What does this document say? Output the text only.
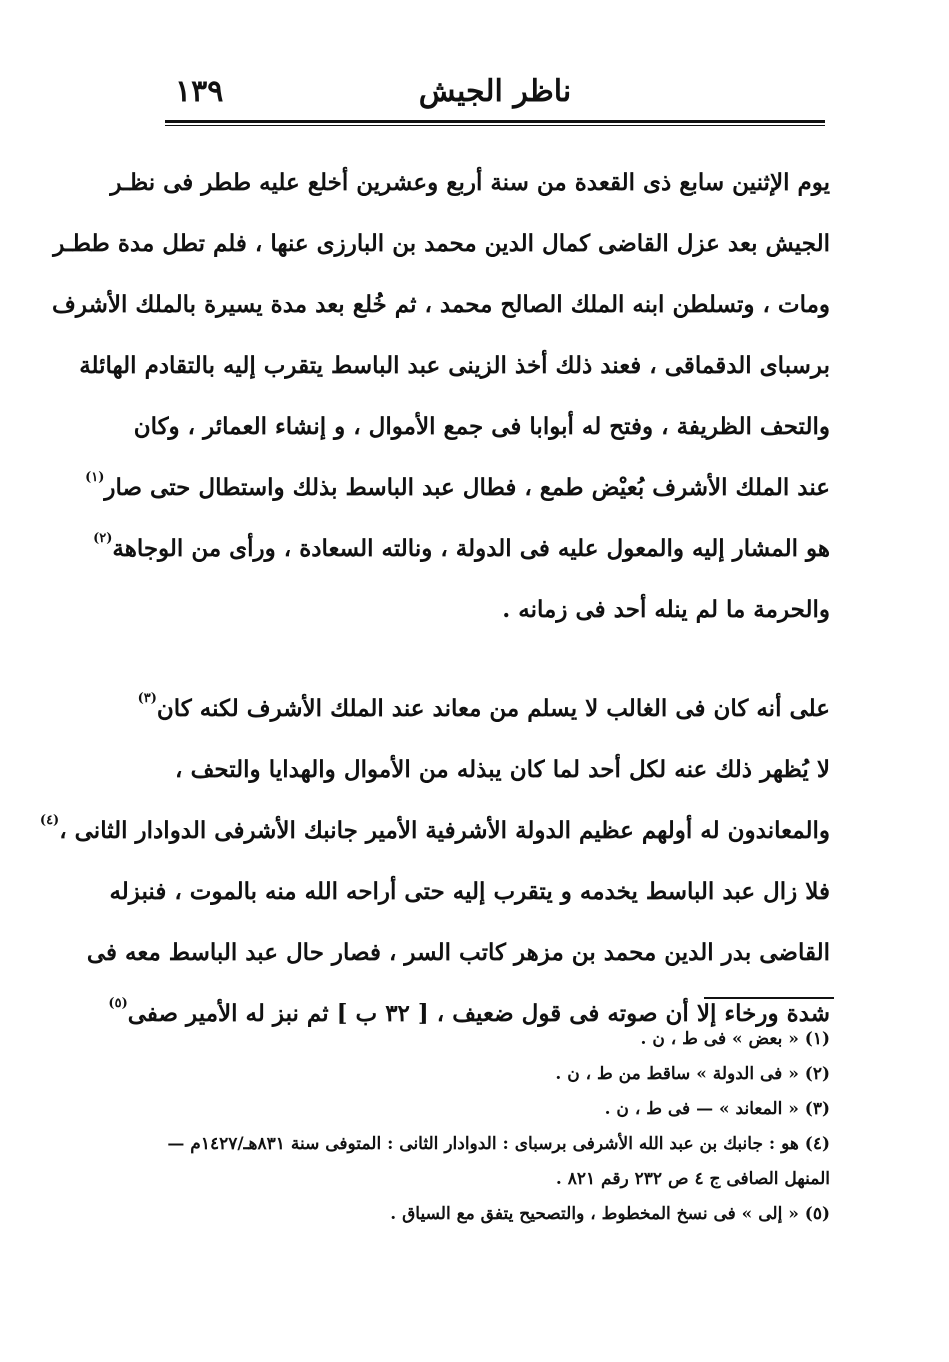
١٣٩	ناظر الجيش
يوم الإثنين سابع ذى القعدة من سنة أربع وعشرين أخلع عليه ططر فى نظـر
الجيش بعد عزل القاضى كمال الدين محمد بن البارزى عنها ، فلم تطل مدة ططـر
ومات ، وتسلطن ابنه الملك الصالح محمد ، ثم خُلع بعد مدة يسيرة بالملك الأشرف
برسباى الدقماقى ، فعند ذلك أخذ الزينى عبد الباسط يتقرب إليه بالتقادم الهائلة
والتحف الظريفة ، وفتح له أبوابا فى جمع الأموال ، و إنشاء العمائر ، وكان
عند الملك الأشرف بُعيْض طمع ، فطال عبد الباسط بذلك واستطال حتى صار$^{(١)}$
هو المشار إليه والمعول عليه فى الدولة ، ونالته السعادة ، ورأى من الوجاهة$^{(٢)}$
والحرمة ما لم ينله أحد فى زمانه .
على أنه كان فى الغالب لا يسلم من معاند عند الملك الأشرف لكنه كان$^{(٣)}$
لا يُظهر ذلك عنه لكل أحد لما كان يبذله من الأموال والهدايا والتحف ،
والمعاندون له أولهم عظيم الدولة الأشرفية الأمير جانبك الأشرفى الدوادار الثانى ،$^{(٤)}$
فلا زال عبد الباسط يخدمه و يتقرب إليه حتى أراحه الله منه بالموت ، فنبزله
القاضى بدر الدين محمد بن مزهر كاتب السر ، فصار حال عبد الباسط معه فى
شدة ورخاء إلا أن صوته فى قول ضعيف ، [ ٣٢ ب ] ثم نبز له الأمير صفى$^{(٥)}$
(١) « بعض » فى ط ، ن .
(٢) « فى الدولة » ساقط من ط ، ن .
(٣) « المعاند » — فى ط ، ن .
(٤) هو : جانبك بن عبد الله الأشرفى برسباى : الدوادار الثانى : المتوفى سنة ٨٣١هـ/١٤٢٧م —
المنهل الصافى ج ٤ ص ٢٣٢ رقم ٨٢١ .
(٥) « إلى » فى نسخ المخطوط ، والتصحيح يتفق مع السياق .
